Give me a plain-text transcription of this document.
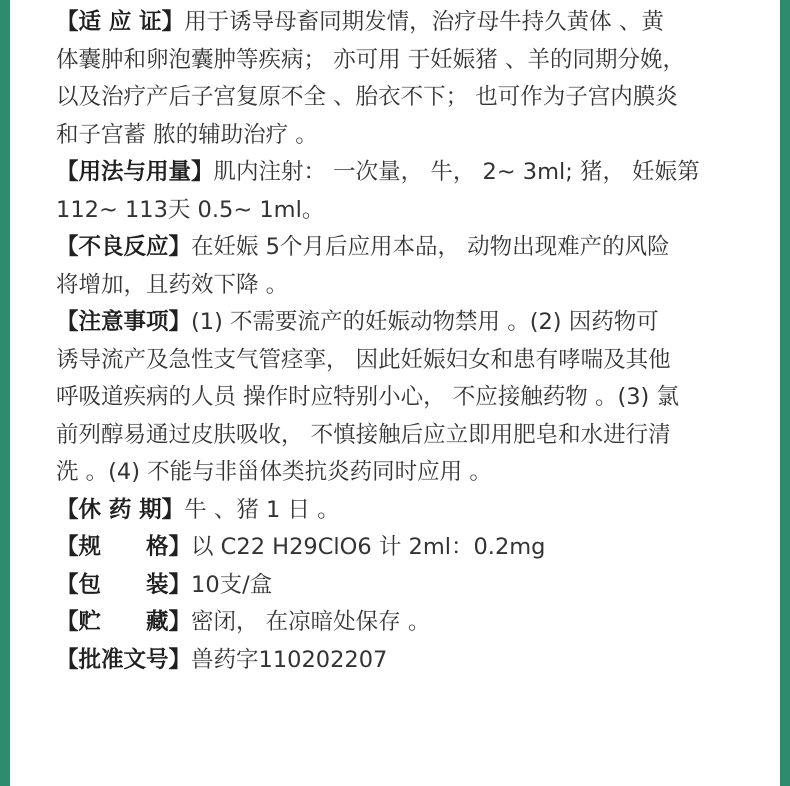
【适 应 证】用于诱导母畜同期发情，治疗母牛持久黄体 、黄
体囊肿和卵泡囊肿等疾病； 亦可用 于妊娠猪 、羊的同期分娩，
以及治疗产后子宫复原不全 、胎衣不下； 也可作为子宫内膜炎
和子宫蓄 脓的辅助治疗 。
【用法与用量】肌内注射： 一次量， 牛， 2~ 3ml; 猪， 妊娠第
112~ 113天 0.5~ 1ml。
【不良反应】在妊娠 5个月后应用本品， 动物出现难产的风险
将增加，且药效下降 。
【注意事项】(1) 不需要流产的妊娠动物禁用 。(2) 因药物可
诱导流产及急性支气管痉挛， 因此妊娠妇女和患有哮喘及其他
呼吸道疾病的人员 操作时应特别小心， 不应接触药物 。(3) 氯
前列醇易通过皮肤吸收， 不慎接触后应立即用肥皂和水进行清
洗 。(4) 不能与非甾体类抗炎药同时应用 。
【休 药 期】牛 、猪 1 日 。
【规　　格】以 C22 H29ClO6 计 2ml：0.2mg
【包　　装】10支/盒
【贮　　藏】密闭， 在凉暗处保存 。
【批准文号】兽药字110202207
